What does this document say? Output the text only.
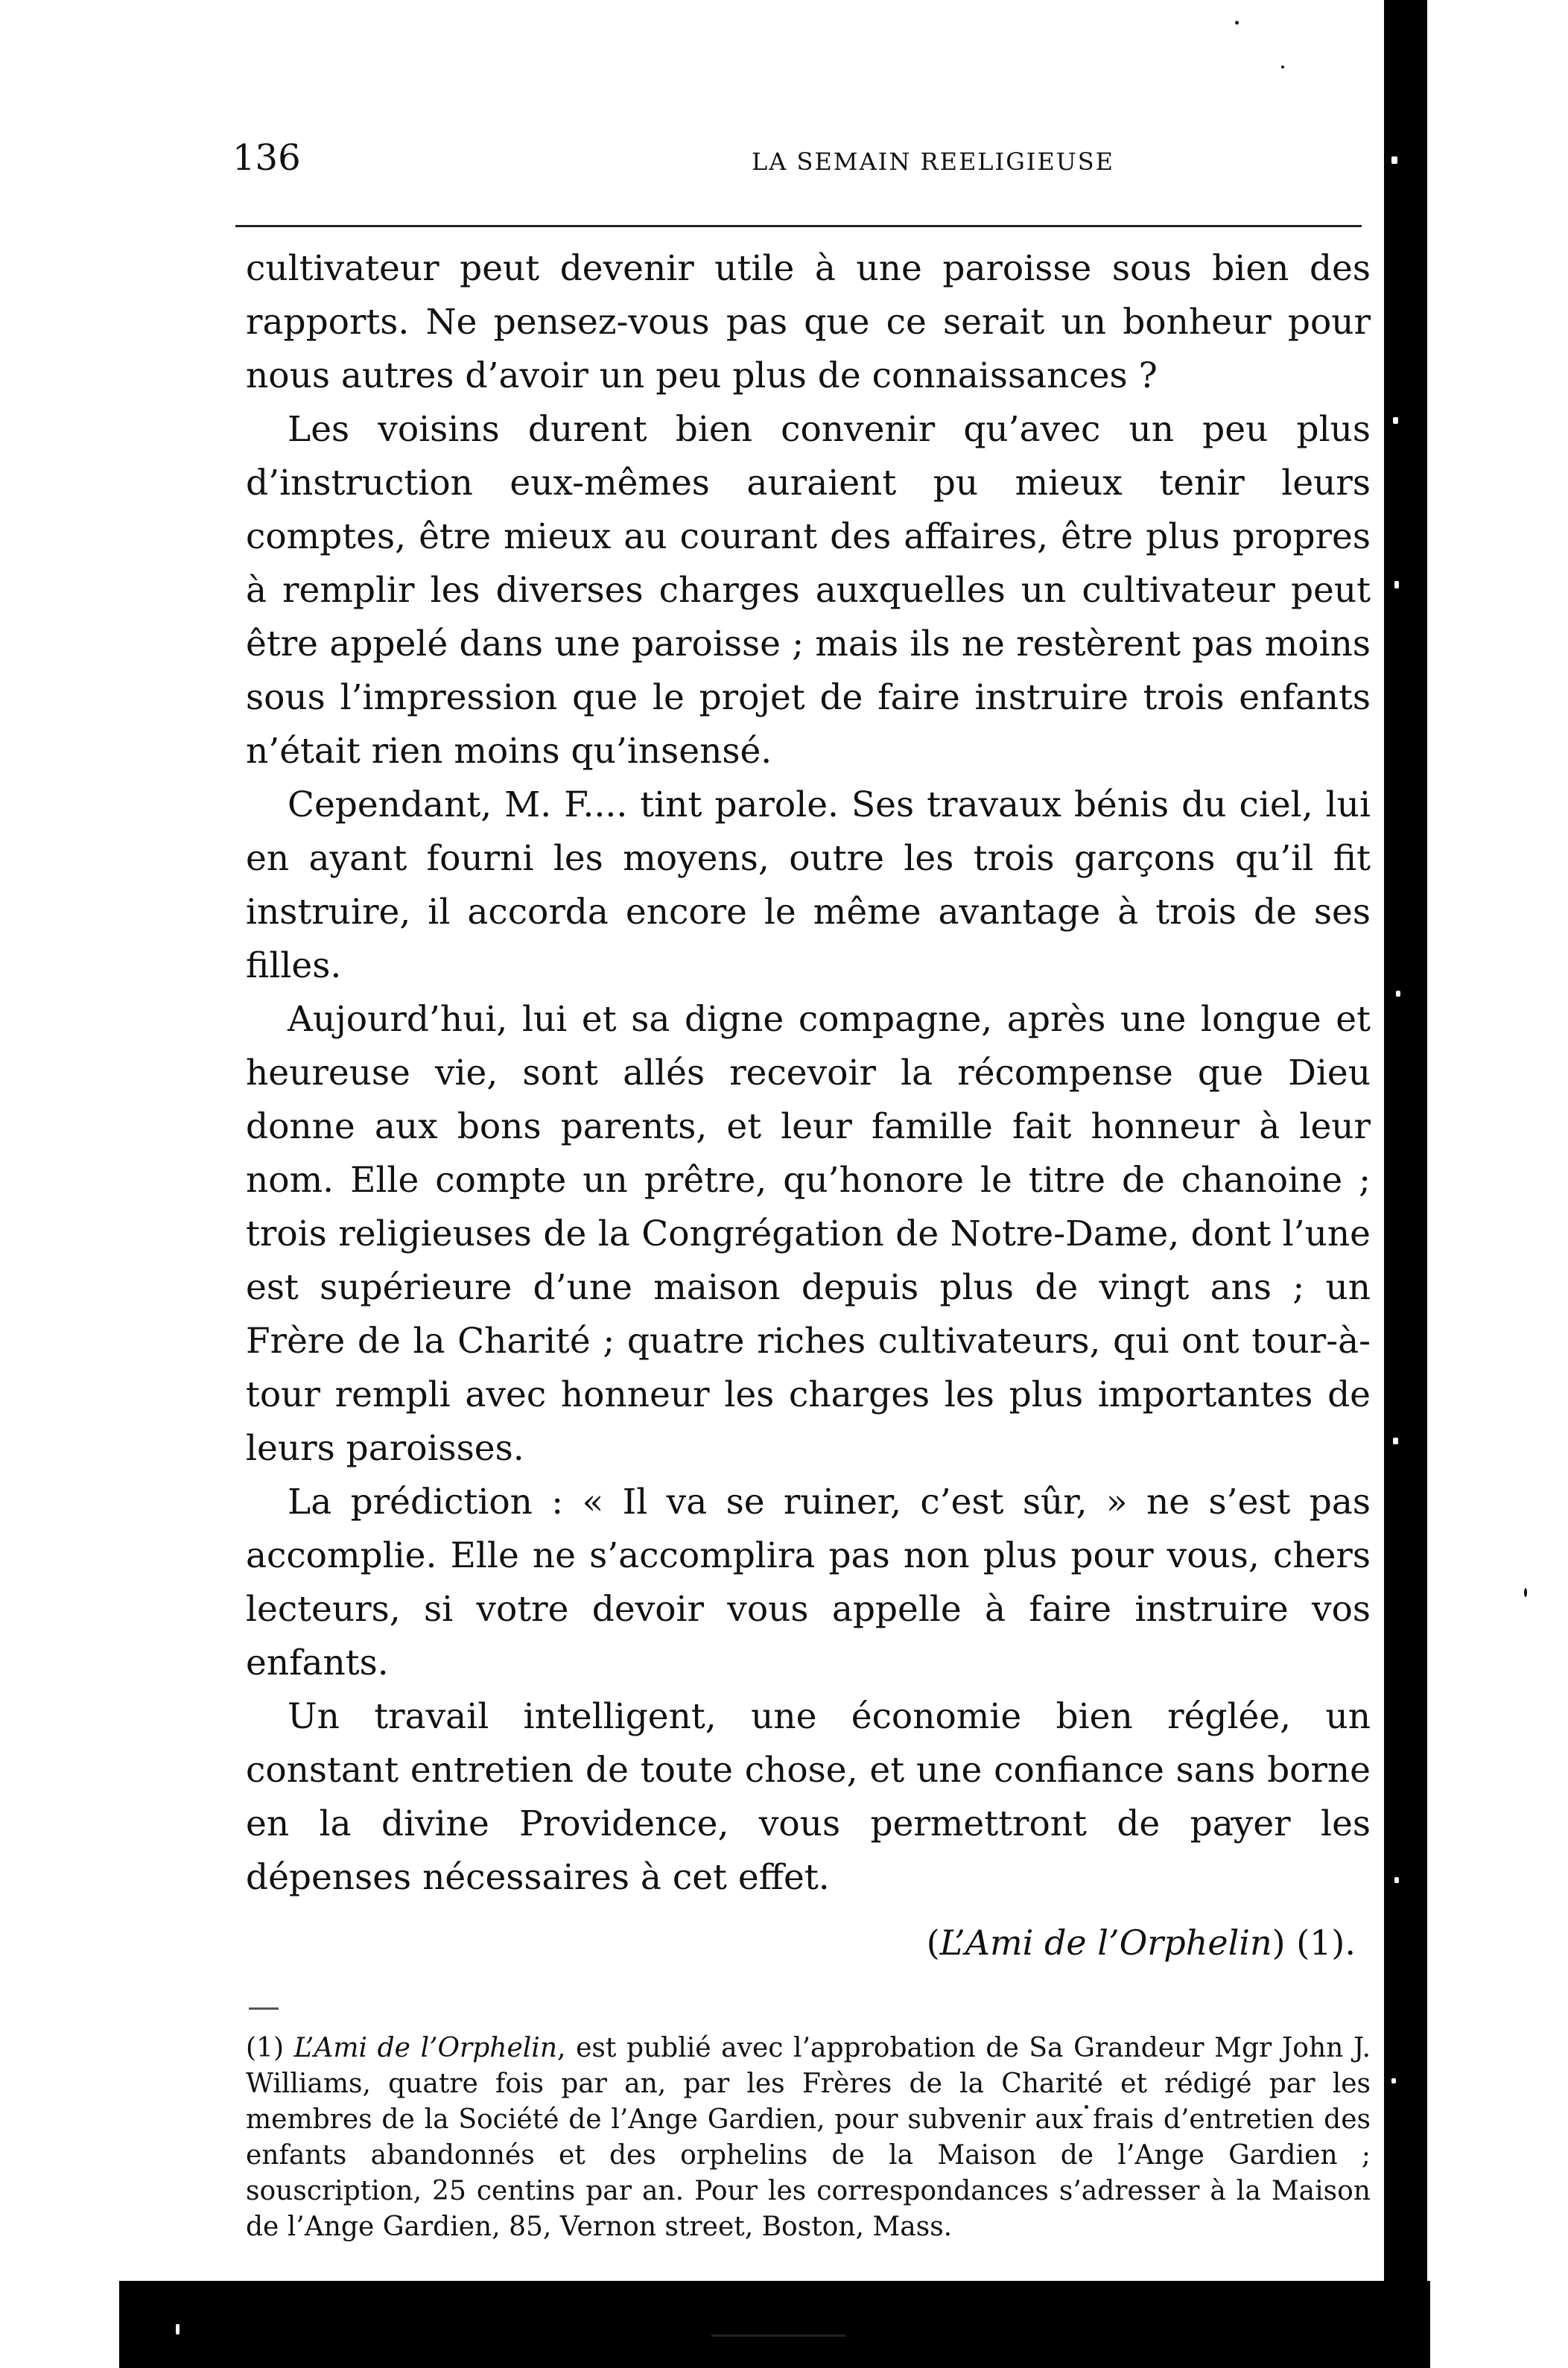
136	LA SEMAIN REELIGIEUSE

cultivateur peut devenir utile à une paroisse sous bien des rapports. Ne pensez-vous pas que ce serait un bonheur pour nous autres d’avoir un peu plus de connaissances ?

Les voisins durent bien convenir qu’avec un peu plus d’instruction eux-mêmes auraient pu mieux tenir leurs comptes, être mieux au courant des affaires, être plus propres à remplir les diverses charges auxquelles un cultivateur peut être appelé dans une paroisse ; mais ils ne restèrent pas moins sous l’impression que le projet de faire instruire trois enfants n’était rien moins qu’insensé.

Cependant, M. F.... tint parole. Ses travaux bénis du ciel, lui en ayant fourni les moyens, outre les trois garçons qu’il fit instruire, il accorda encore le même avantage à trois de ses filles.

Aujourd’hui, lui et sa digne compagne, après une longue et heureuse vie, sont allés recevoir la récompense que Dieu donne aux bons parents, et leur famille fait honneur à leur nom. Elle compte un prêtre, qu’honore le titre de chanoine ; trois religieuses de la Congrégation de Notre-Dame, dont l’une est supérieure d’une maison depuis plus de vingt ans ; un Frère de la Charité ; quatre riches cultivateurs, qui ont tour-à-tour rempli avec honneur les charges les plus importantes de leurs paroisses.

La prédiction : « Il va se ruiner, c’est sûr, » ne s’est pas accomplie. Elle ne s’accomplira pas non plus pour vous, chers lecteurs, si votre devoir vous appelle à faire instruire vos enfants.

Un travail intelligent, une économie bien réglée, un constant entretien de toute chose, et une confiance sans borne en la divine Providence, vous permettront de payer les dépenses nécessaires à cet effet.

(L’Ami de l’Orphelin) (1).
(1) L’Ami de l’Orphelin, est publié avec l’approbation de Sa Grandeur Mgr John J. Williams, quatre fois par an, par les Frères de la Charité et rédigé par les membres de la Société de l’Ange Gardien, pour subvenir aux frais d’entretien des enfants abandonnés et des orphelins de la Maison de l’Ange Gardien ; souscription, 25 centins par an. Pour les correspondances s’adresser à la Maison de l’Ange Gardien, 85, Vernon street, Boston, Mass.
